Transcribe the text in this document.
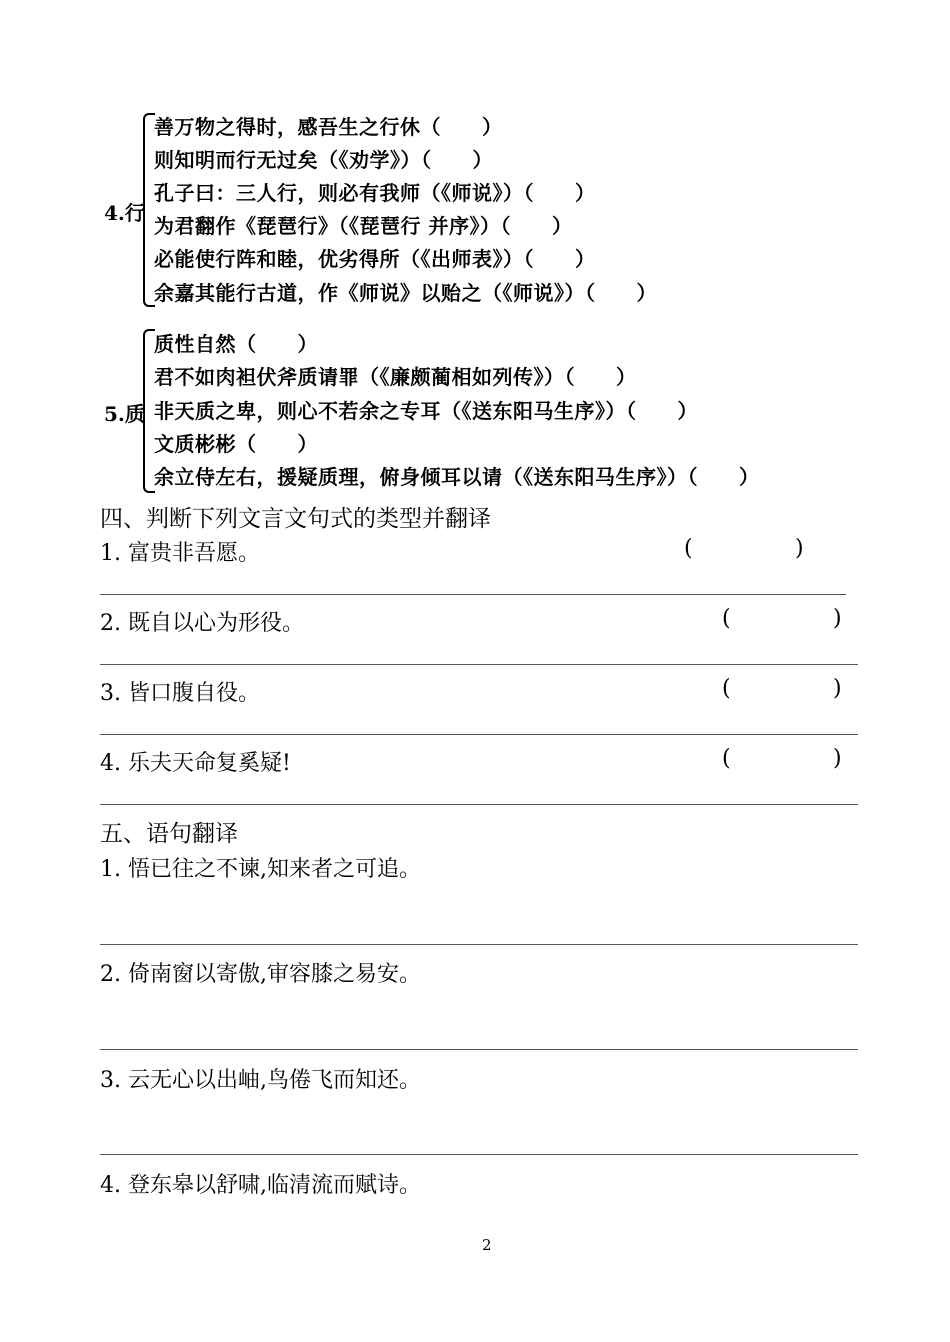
4.行
善万物之得时，感吾生之行休（　　）
则知明而行无过矣（《劝学》）（　　）
孔子曰：三人行，则必有我师（《师说》）（　　）
为君翻作《琵琶行》（《琵琶行 并序》）（　　）
必能使行阵和睦，优劣得所（《出师表》）（　　）
余嘉其能行古道，作《师说》以贻之（《师说》）（　　）
5.质
质性自然（　　）
君不如肉袒伏斧质请罪（《廉颇蔺相如列传》）（　　）
非天质之卑，则心不若余之专耳（《送东阳马生序》）（　　）
文质彬彬（　　）
余立侍左右，援疑质理，俯身倾耳以请（《送东阳马生序》）（　　）
四、判断下列文言文句式的类型并翻译
1. 富贵非吾愿。	(	)
2. 既自以心为形役。	(	)
3. 皆口腹自役。	(	)
4. 乐夫天命复奚疑!	(	)
五、语句翻译
1. 悟已往之不谏,知来者之可追。
2. 倚南窗以寄傲,审容膝之易安。
3. 云无心以出岫,鸟倦飞而知还。
4. 登东皋以舒啸,临清流而赋诗。
2
